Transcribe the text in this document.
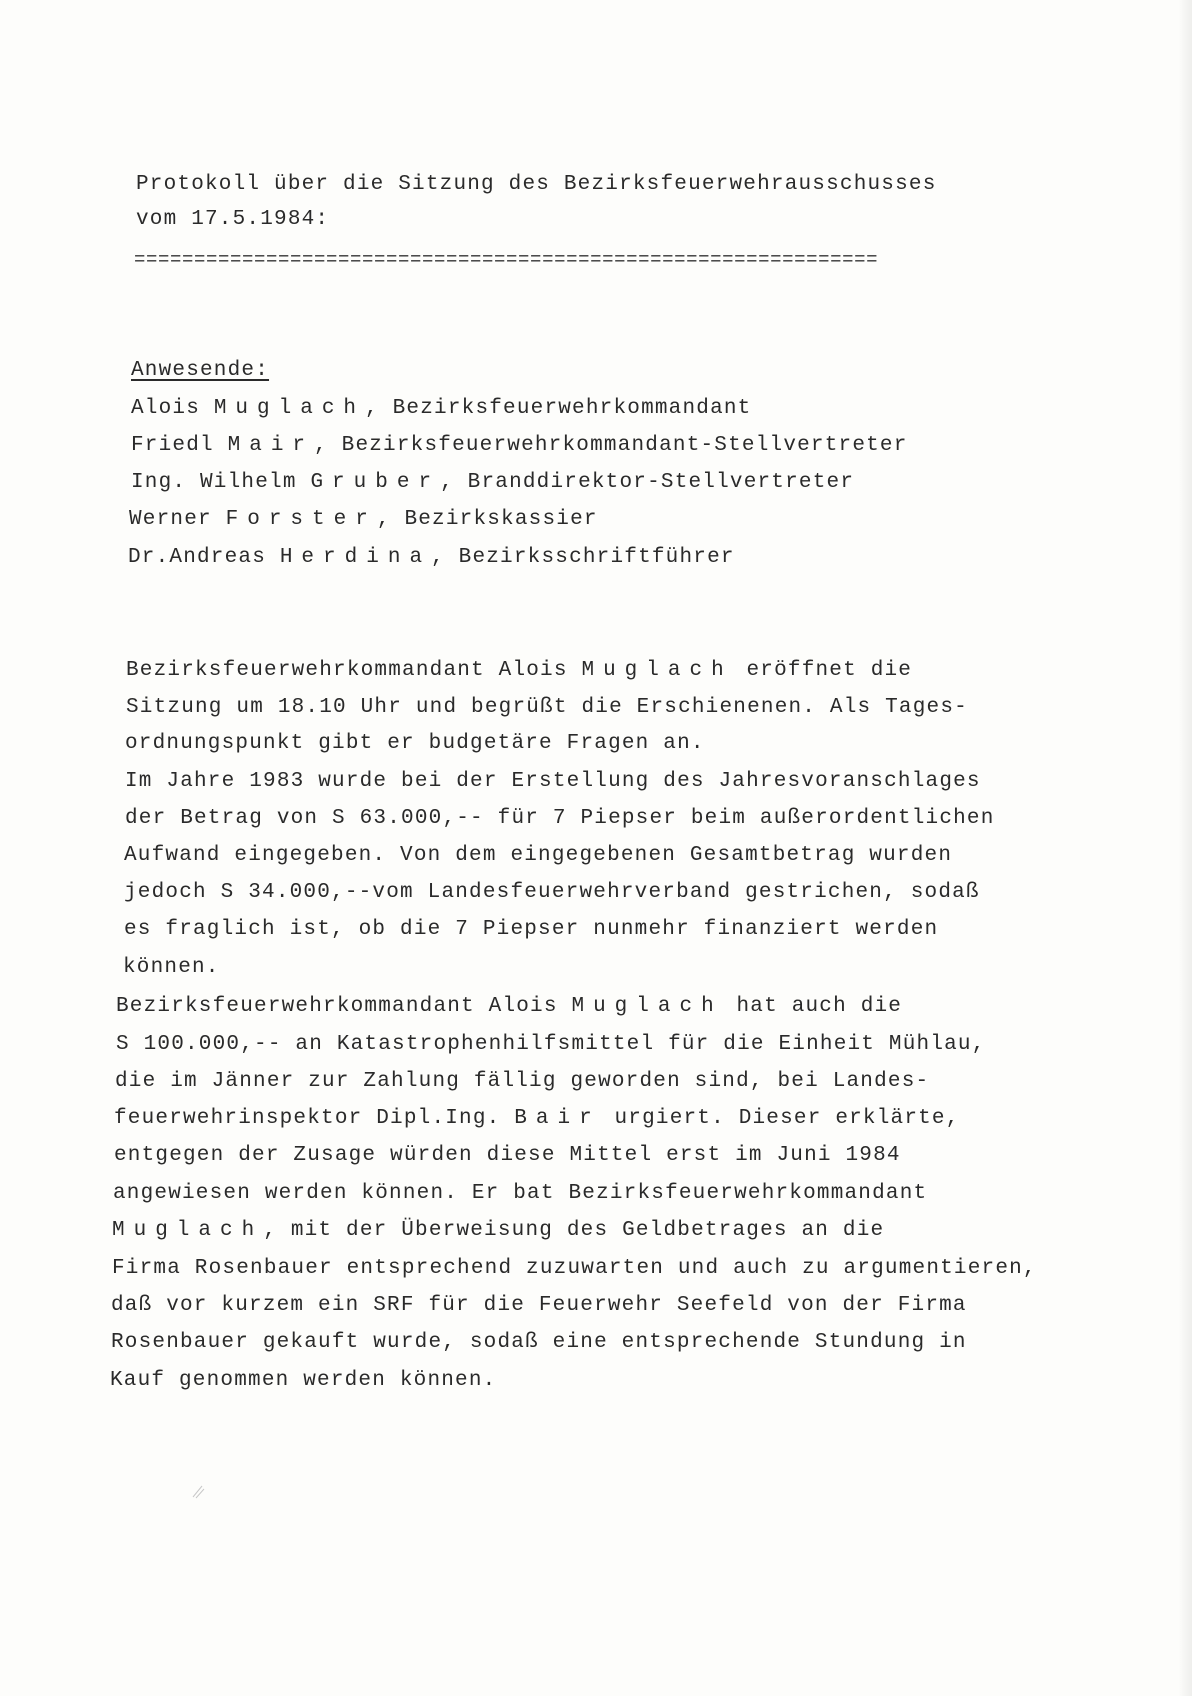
Protokoll über die Sitzung des Bezirksfeuerwehrausschusses
vom 17.5.1984:
==============================================================
Anwesende:
Alois Muglach, Bezirksfeuerwehrkommandant
Friedl Mair, Bezirksfeuerwehrkommandant-Stellvertreter
Ing. Wilhelm Gruber, Branddirektor-Stellvertreter
Werner Forster, Bezirkskassier
Dr.Andreas Herdina, Bezirksschriftführer
Bezirksfeuerwehrkommandant Alois Muglach eröffnet die
Sitzung um 18.10 Uhr und begrüßt die Erschienenen. Als Tages-
ordnungspunkt gibt er budgetäre Fragen an.
Im Jahre 1983 wurde bei der Erstellung des Jahresvoranschlages
der Betrag von S 63.000,-- für 7 Piepser beim außerordentlichen
Aufwand eingegeben. Von dem eingegebenen Gesamtbetrag wurden
jedoch S 34.000,--vom Landesfeuerwehrverband gestrichen, sodaß
es fraglich ist, ob die 7 Piepser nunmehr finanziert werden
können.
Bezirksfeuerwehrkommandant Alois Muglach hat auch die
S 100.000,-- an Katastrophenhilfsmittel für die Einheit Mühlau,
die im Jänner zur Zahlung fällig geworden sind, bei Landes-
feuerwehrinspektor Dipl.Ing. Bair urgiert. Dieser erklärte,
entgegen der Zusage würden diese Mittel erst im Juni 1984
angewiesen werden können. Er bat Bezirksfeuerwehrkommandant
Muglach, mit der Überweisung des Geldbetrages an die
Firma Rosenbauer entsprechend zuzuwarten und auch zu argumentieren,
daß vor kurzem ein SRF für die Feuerwehr Seefeld von der Firma
Rosenbauer gekauft wurde, sodaß eine entsprechende Stundung in
Kauf genommen werden können.
